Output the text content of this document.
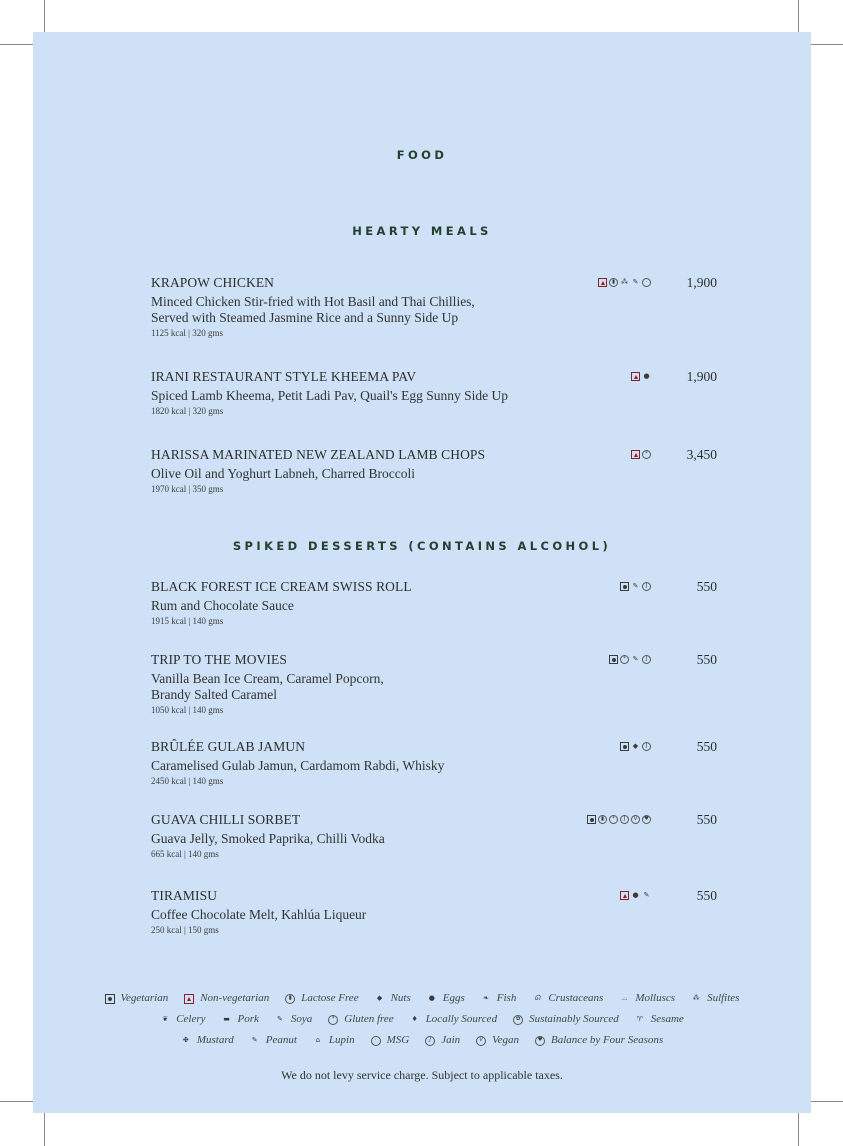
FOOD
HEARTY MEALS
KRAPOW CHICKEN
Minced Chicken Stir-fried with Hot Basil and Thai Chillies,
Served with Steamed Jasmine Rice and a Sunny Side Up
1125 kcal | 320 gms
▮ ⁂ ✎	·	1,900
IRANI RESTAURANT STYLE KHEEMA PAV
Spiced Lamb Kheema, Petit Ladi Pav, Quail's Egg Sunny Side Up
1820 kcal | 320 gms
●	1,900
HARISSA MARINATED NEW ZEALAND LAMB CHOPS
Olive Oil and Yoghurt Labneh, Charred Broccoli
1970 kcal | 350 gms
*	3,450
SPIKED DESSERTS (CONTAINS ALCOHOL)
BLACK FOREST ICE CREAM SWISS ROLL
Rum and Chocolate Sauce
1915 kcal | 140 gms
✎	J	550
TRIP TO THE MOVIES
Vanilla Bean Ice Cream, Caramel Popcorn,
Brandy Salted Caramel
1050 kcal | 140 gms
* ✎	J	550
BRÛLÉE GULAB JAMUN
Caramelised Gulab Jamun, Cardamom Rabdi, Whisky
2450 kcal | 140 gms
◆	J	550
GUAVA CHILLI SORBET
Guava Jelly, Smoked Paprika, Chilli Vodka
665 kcal | 140 gms
▮	*	J	V	♥	550
TIRAMISU
Coffee Chocolate Melt, Kahlúa Liqueur
250 kcal | 150 gms
● ✎	550
Vegetarian	Non-vegetarian	▮ Lactose Free	◆ Nuts	● Eggs	❧ Fish	ᘏ Crustaceans	⌓ Molluscs	⁂ Sulfites
❦ Celery	▬ Pork	✎ Soya	* Gluten free	♦ Locally Sourced	✿ Sustainably Sourced	♈ Sesame
✤ Mustard	✎ Peanut	⌂ Lupin	· MSG	J Jain	V Vegan	♥ Balance by Four Seasons
We do not levy service charge. Subject to applicable taxes.
